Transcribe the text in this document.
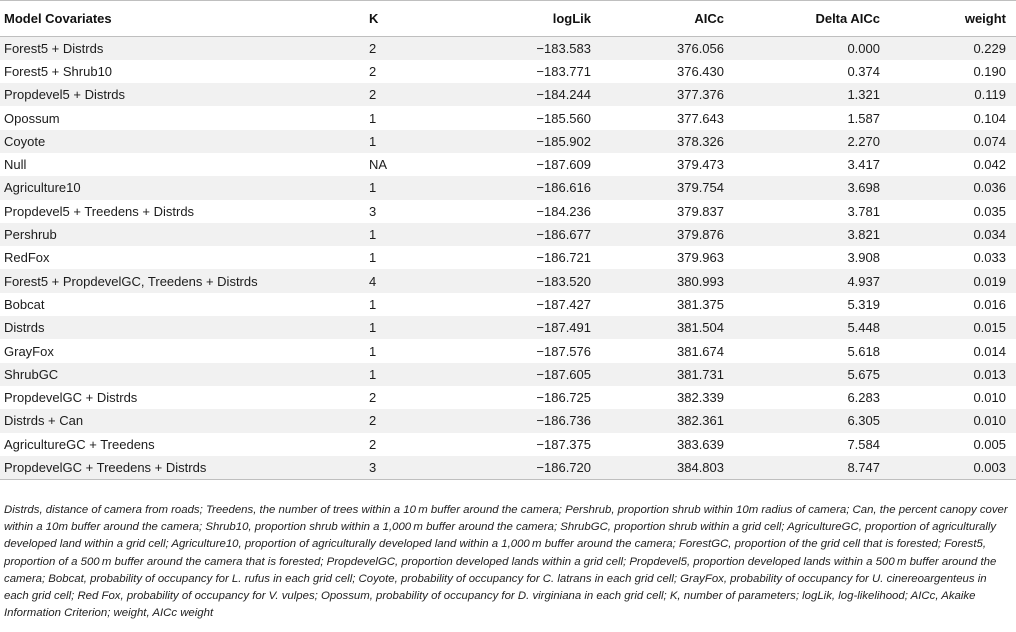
Model Covariates	K	logLik	AICc	Delta AICc	weight
Forest5 + Distrds	2	−183.583	376.056	0.000	0.229
Forest5 + Shrub10	2	−183.771	376.430	0.374	0.190
Propdevel5 + Distrds	2	−184.244	377.376	1.321	0.119
Opossum	1	−185.560	377.643	1.587	0.104
Coyote	1	−185.902	378.326	2.270	0.074
Null	NA	−187.609	379.473	3.417	0.042
Agriculture10	1	−186.616	379.754	3.698	0.036
Propdevel5 + Treedens + Distrds	3	−184.236	379.837	3.781	0.035
Pershrub	1	−186.677	379.876	3.821	0.034
RedFox	1	−186.721	379.963	3.908	0.033
Forest5 + PropdevelGC, Treedens + Distrds	4	−183.520	380.993	4.937	0.019
Bobcat	1	−187.427	381.375	5.319	0.016
Distrds	1	−187.491	381.504	5.448	0.015
GrayFox	1	−187.576	381.674	5.618	0.014
ShrubGC	1	−187.605	381.731	5.675	0.013
PropdevelGC + Distrds	2	−186.725	382.339	6.283	0.010
Distrds + Can	2	−186.736	382.361	6.305	0.010
AgricultureGC + Treedens	2	−187.375	383.639	7.584	0.005
PropdevelGC + Treedens + Distrds	3	−186.720	384.803	8.747	0.003

Distrds, distance of camera from roads; Treedens, the number of trees within a 10 m buffer around the camera; Pershrub, proportion shrub within 10m radius of camera; Can, the percent canopy cover within a 10m buffer around the camera; Shrub10, proportion shrub within a 1,000 m buffer around the camera; ShrubGC, proportion shrub within a grid cell; AgricultureGC, proportion of agriculturally developed land within a grid cell; Agriculture10, proportion of agriculturally developed land within a 1,000 m buffer around the camera; ForestGC, proportion of the grid cell that is forested; Forest5, proportion of a 500 m buffer around the camera that is forested; PropdevelGC, proportion developed lands within a grid cell; Propdevel5, proportion developed lands within a 500 m buffer around the camera; Bobcat, probability of occupancy for L. rufus in each grid cell; Coyote, probability of occupancy for C. latrans in each grid cell; GrayFox, probability of occupancy for U. cinereoargenteus in each grid cell; Red Fox, probability of occupancy for V. vulpes; Opossum, probability of occupancy for D. virginiana in each grid cell; K, number of parameters; logLik, log-likelihood; AICc, Akaike Information Criterion; weight, AICc weight
